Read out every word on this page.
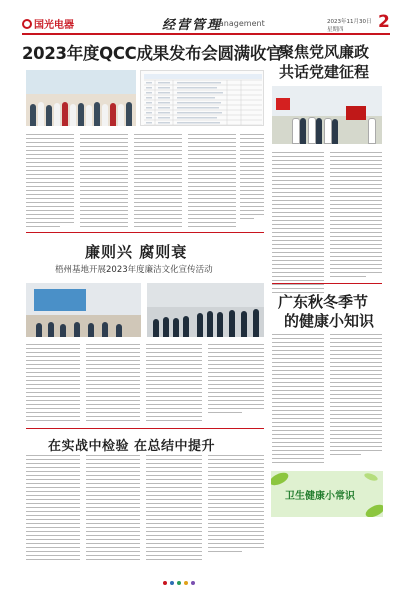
国光电器	经营管理
Management	2023年11月30日
星期四 2
2023年度QCC成果发布会圆满收官
聚焦党风廉政
共话党建征程
廉则兴 腐则衰
梧州基地开展2023年度廉洁文化宣传活动
广东秋冬季节
的健康小知识
在实战中检验 在总结中提升
卫生健康小常识
